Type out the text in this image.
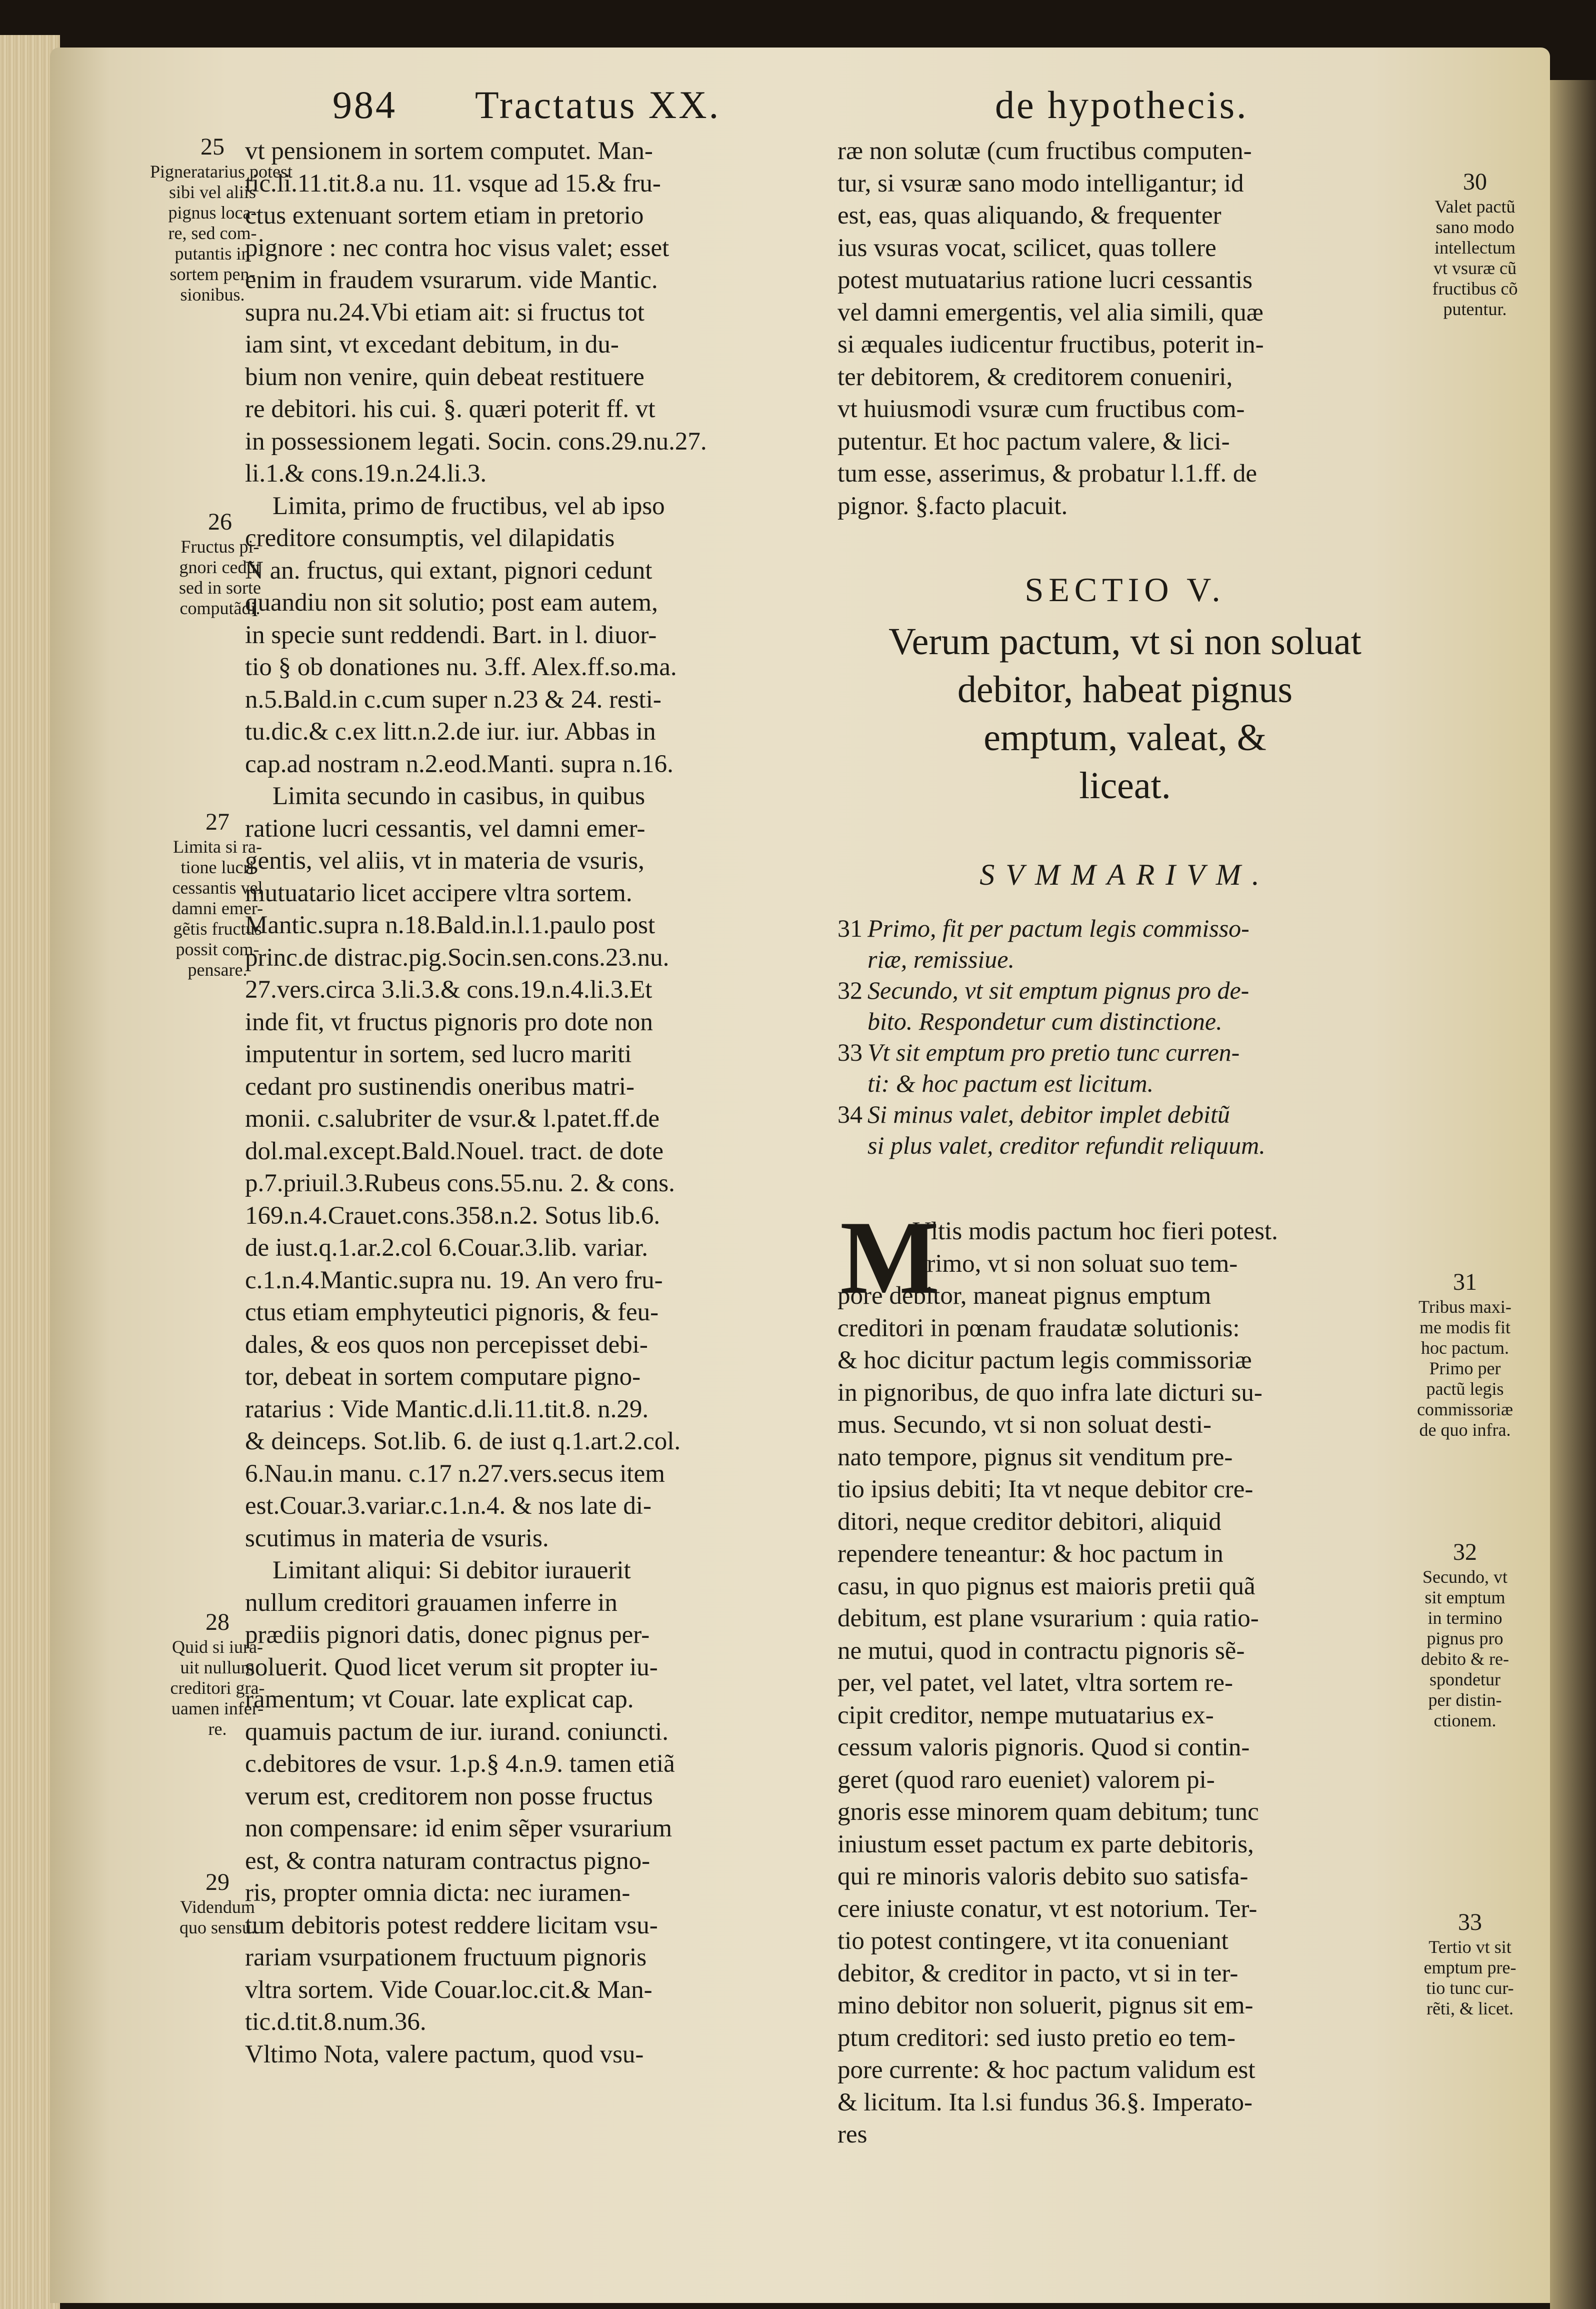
984 Tractatus XX.	de hypothecis.
25
Pigneratarius potest
sibi vel aliis
pignus loca-
re, sed com-
putantis in
sortem pen-
sionibus.
26
Fructus pi-
gnori cedũt
sed in sorte
computãdi.
27
Limita si ra-
tione lucri
cessantis vel
damni emer-
gẽtis fructus
possit com-
pensare.
28
Quid si iura-
uit nullum
creditori gra-
uamen infer-
re.
29
Videndum
quo sensu.

vt pensionem in sortem computet. Man-

tic.li.11.tit.8.a nu. 11. vsque ad 15.& fru-

ctus extenuant sortem etiam in pretorio

pignore : nec contra hoc visus valet; esset

enim in fraudem vsurarum. vide Mantic.

supra nu.24.Vbi etiam ait: si fructus tot

iam sint, vt excedant debitum, in du-

bium non venire, quin debeat restituere

re debitori. his cui. §. quæri poterit ff. vt

in possessionem legati. Socin. cons.29.nu.27.

li.1.& cons.19.n.24.li.3.

Limita, primo de fructibus, vel ab ipso

creditore consumptis, vel dilapidatis

N an. fructus, qui extant, pignori cedunt

quandiu non sit solutio; post eam autem,

in specie sunt reddendi. Bart. in l. diuor-

tio § ob donationes nu. 3.ff. Alex.ff.so.ma.

n.5.Bald.in c.cum super n.23 & 24. resti-

tu.dic.& c.ex litt.n.2.de iur. iur. Abbas in

cap.ad nostram n.2.eod.Manti. supra n.16.

Limita secundo in casibus, in quibus

ratione lucri cessantis, vel damni emer-

gentis, vel aliis, vt in materia de vsuris,

mutuatario licet accipere vltra sortem.

Mantic.supra n.18.Bald.in.l.1.paulo post

princ.de distrac.pig.Socin.sen.cons.23.nu.

27.vers.circa 3.li.3.& cons.19.n.4.li.3.Et

inde fit, vt fructus pignoris pro dote non

imputentur in sortem, sed lucro mariti

cedant pro sustinendis oneribus matri-

monii. c.salubriter de vsur.& l.patet.ff.de

dol.mal.except.Bald.Nouel. tract. de dote

p.7.priuil.3.Rubeus cons.55.nu. 2. & cons.

169.n.4.Crauet.cons.358.n.2. Sotus lib.6.

de iust.q.1.ar.2.col 6.Couar.3.lib. variar.

c.1.n.4.Mantic.supra nu. 19. An vero fru-

ctus etiam emphyteutici pignoris, & feu-

dales, & eos quos non percepisset debi-

tor, debeat in sortem computare pigno-

ratarius : Vide Mantic.d.li.11.tit.8. n.29.

& deinceps. Sot.lib. 6. de iust q.1.art.2.col.

6.Nau.in manu. c.17 n.27.vers.secus item

est.Couar.3.variar.c.1.n.4. & nos late di-

scutimus in materia de vsuris.

Limitant aliqui: Si debitor iurauerit

nullum creditori grauamen inferre in

prædiis pignori datis, donec pignus per-

soluerit. Quod licet verum sit propter iu-

ramentum; vt Couar. late explicat cap.

quamuis pactum de iur. iurand. coniuncti.

c.debitores de vsur. 1.p.§ 4.n.9. tamen etiã

verum est, creditorem non posse fructus

non compensare: id enim sẽper vsurarium

est, & contra naturam contractus pigno-

ris, propter omnia dicta: nec iuramen-

tum debitoris potest reddere licitam vsu-

rariam vsurpationem fructuum pignoris

vltra sortem. Vide Couar.loc.cit.& Man-

tic.d.tit.8.num.36.

Vltimo Nota, valere pactum, quod vsu-

ræ non solutæ (cum fructibus computen-

tur, si vsuræ sano modo intelligantur; id

est, eas, quas aliquando, & frequenter

ius vsuras vocat, scilicet, quas tollere

potest mutuatarius ratione lucri cessantis

vel damni emergentis, vel alia simili, quæ

si æquales iudicentur fructibus, poterit in-

ter debitorem, & creditorem conueniri,

vt huiusmodi vsuræ cum fructibus com-

putentur. Et hoc pactum valere, & lici-

tum esse, asserimus, & probatur l.1.ff. de

pignor. §.facto placuit.

SECTIO V.
Verum pactum, vt si non soluat
debitor, habeat pignus
emptum, valeat, &
liceat.
SVMMARIVM.
31 Primo, fit per pactum legis commissо-
riæ, remissiue.
32 Secundo, vt sit emptum pignus pro de-
bito. Respondetur cum distinctione.
33 Vt sit emptum pro pretio tunc curren-
ti: & hoc pactum est licitum.
34 Si minus valet, debitor implet debitũ
si plus valet, creditor refundit reliquum.
M

Vltis modis pactum hoc fieri potest.

Primo, vt si non soluat suo tem-

pore debitor, maneat pignus emptum

creditori in pœnam fraudatæ solutionis:

& hoc dicitur pactum legis commissoriæ

in pignoribus, de quo infra late dicturi su-

mus. Secundo, vt si non soluat desti-

nato tempore, pignus sit venditum pre-

tio ipsius debiti; Ita vt neque debitor cre-

ditori, neque creditor debitori, aliquid

rependere teneantur: & hoc pactum in

casu, in quo pignus est maioris pretii quã

debitum, est plane vsurarium : quia ratio-

ne mutui, quod in contractu pignoris sẽ-

per, vel patet, vel latet, vltra sortem re-

cipit creditor, nempe mutuatarius ex-

cessum valoris pignoris. Quod si contin-

geret (quod raro eueniet) valorem pi-

gnoris esse minorem quam debitum; tunc

iniustum esset pactum ex parte debitoris,

qui re minoris valoris debito suo satisfa-

cere iniuste conatur, vt est notorium. Ter-

tio potest contingere, vt ita conueniant

debitor, & creditor in pacto, vt si in ter-

mino debitor non soluerit, pignus sit em-

ptum creditori: sed iusto pretio eo tem-

pore currente: & hoc pactum validum est

& licitum. Ita l.si fundus 36.§. Imperato-

res

30
Valet pactũ
sano modo
intellectum
vt vsuræ cũ
fructibus cõ
putentur.
31
Tribus maxi-
me modis fit
hoc pactum.
Primo per
pactũ legis
commissoriæ
de quo infra.
32
Secundo, vt
sit emptum
in termino
pignus pro
debito & re-
spondetur
per distin-
ctionem.
33
Tertio vt sit
emptum pre-
tio tunc cur-
rẽti, & licet.
